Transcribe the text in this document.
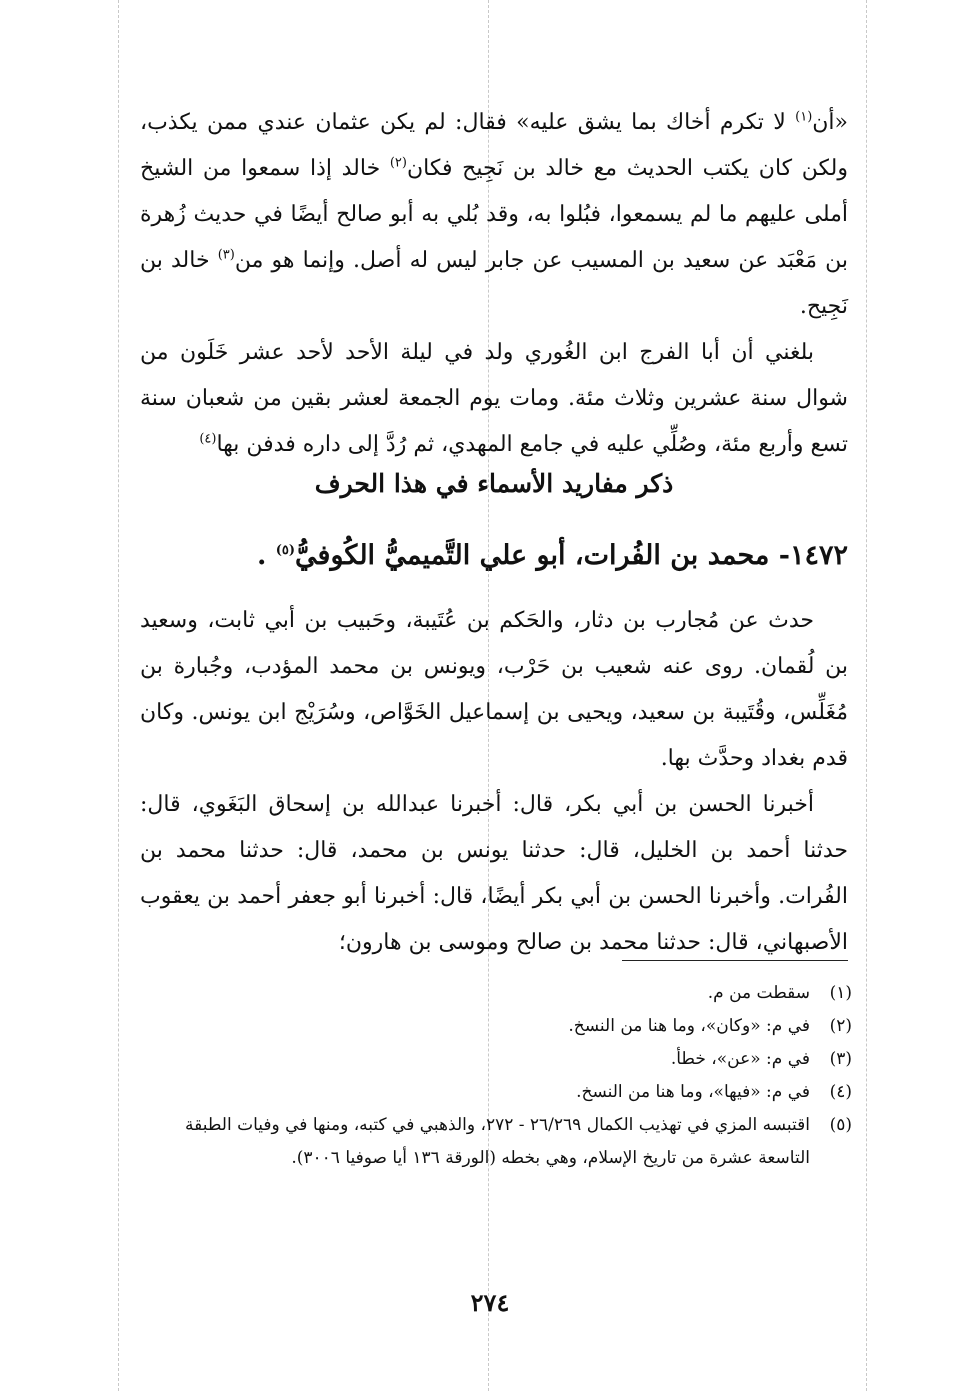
«أن$^{(١)}$ لا تكرم أخاك بما يشق عليه» فقال: لم يكن عثمان عندي ممن يكذب، ولكن كان يكتب الحديث مع خالد بن نَجِيح فكان$^{(٢)}$ خالد إذا سمعوا من الشيخ أملى عليهم ما لم يسمعوا، فبُلوا به، وقد بُلي به أبو صالح أيضًا في حديث زُهرة بن مَعْبَد عن سعيد بن المسيب عن جابر ليس له أصل. وإنما هو من$^{(٣)}$ خالد بن نَجِيح.

بلغني أن أبا الفرج ابن الغُوري ولد في ليلة الأحد لأحد عشر خَلَون من شوال سنة عشرين وثلاث مئة. ومات يوم الجمعة لعشر بقين من شعبان سنة تسع وأربع مئة، وصُلِّي عليه في جامع المهدي، ثم رُدَّ إلى داره فدفن بها$^{(٤)}$

ذكر مفاريد الأسماء في هذا الحرف
١٤٧٢- محمد بن الفُرات، أبو علي التَّميميُّ الكُوفيُّ$^{(٥)}$ .

حدث عن مُجارب بن دثار، والحَكم بن عُتَيبة، وحَبيب بن أبي ثابت، وسعيد بن لُقمان. روى عنه شعيب بن حَرْب، ويونس بن محمد المؤدب، وجُبارة بن مُغَلِّس، وقُتَيبة بن سعيد، ويحيى بن إسماعيل الخَوَّاص، وسُرَيْج ابن يونس. وكان قدم بغداد وحدَّث بها.

أخبرنا الحسن بن أبي بكر، قال: أخبرنا عبدالله بن إسحاق البَغَوي، قال: حدثنا أحمد بن الخليل، قال: حدثنا يونس بن محمد، قال: حدثنا محمد بن الفُرات. وأخبرنا الحسن بن أبي بكر أيضًا، قال: أخبرنا أبو جعفر أحمد بن يعقوب الأصبهاني، قال: حدثنا محمد بن صالح وموسى بن هارون؛

(١)
سقطت من م.
(٢)
في م: «وكان»، وما هنا من النسخ.
(٣)
في م: «عن»، خطأ.
(٤)
في م: «فيها»، وما هنا من النسخ.
(٥)
اقتبسه المزي في تهذيب الكمال ٢٦/٢٦٩ - ٢٧٢، والذهبي في كتبه، ومنها في وفيات الطبقة التاسعة عشرة من تاريخ الإسلام، وهي بخطه (الورقة ١٣٦ أيا صوفيا ٣٠٠٦).
٢٧٤
